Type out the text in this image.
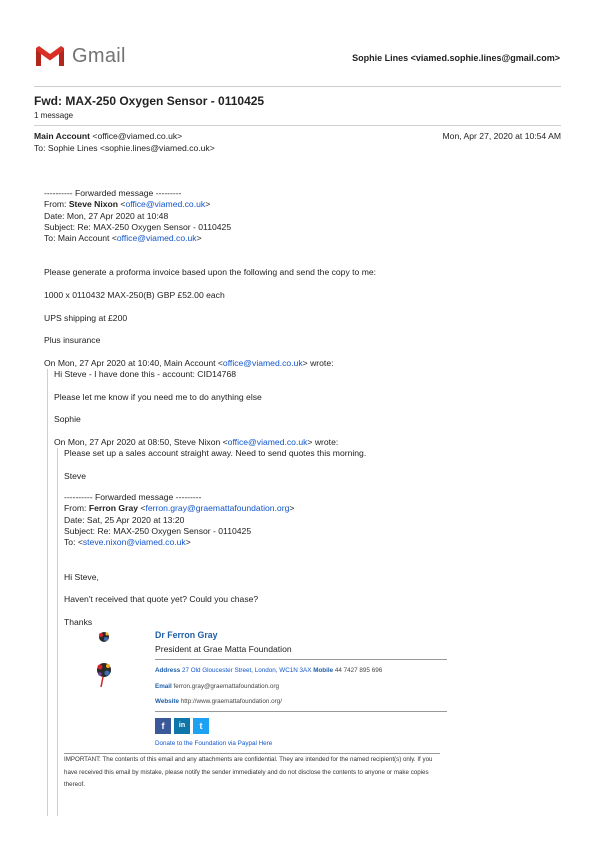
Gmail	Sophie Lines <viamed.sophie.lines@gmail.com>
Fwd: MAX-250 Oxygen Sensor - 0110425
1 message
Main Account <office@viamed.co.uk>	Mon, Apr 27, 2020 at 10:54 AM
To: Sophie Lines <sophie.lines@viamed.co.uk>
---------- Forwarded message ---------
From: Steve Nixon <office@viamed.co.uk>
Date: Mon, 27 Apr 2020 at 10:48
Subject: Re: MAX-250 Oxygen Sensor - 0110425
To: Main Account <office@viamed.co.uk>
Please generate a proforma invoice based upon the following and send the copy to me:
1000 x 0110432 MAX-250(B) GBP £52.00 each
UPS shipping at £200
Plus insurance
On Mon, 27 Apr 2020 at 10:40, Main Account <office@viamed.co.uk> wrote:
Hi Steve - I have done this - account: CID14768
Please let me know if you need me to do anything else
Sophie
On Mon, 27 Apr 2020 at 08:50, Steve Nixon <office@viamed.co.uk> wrote:
Please set up a sales account straight away. Need to send quotes this morning.
Steve
---------- Forwarded message ---------
From: Ferron Gray <ferron.gray@graemattafoundation.org>
Date: Sat, 25 Apr 2020 at 13:20
Subject: Re: MAX-250 Oxygen Sensor - 0110425
To: <steve.nixon@viamed.co.uk>
Hi Steve,
Haven't received that quote yet? Could you chase?
Thanks
Dr Ferron Gray
President at Grae Matta Foundation
Address 27 Old Gloucester Street, London, WC1N 3AX Mobile 44 7427 895 696
Email ferron.gray@graemattafoundation.org
Website http://www.graemattafoundation.org/
f	in	t
Donate to the Foundation via Paypal Here
IMPORTANT: The contents of this email and any attachments are confidential. They are intended for the named recipient(s) only. If you have received this email by mistake, please notify the sender immediately and do not disclose the contents to anyone or make copies thereof.
